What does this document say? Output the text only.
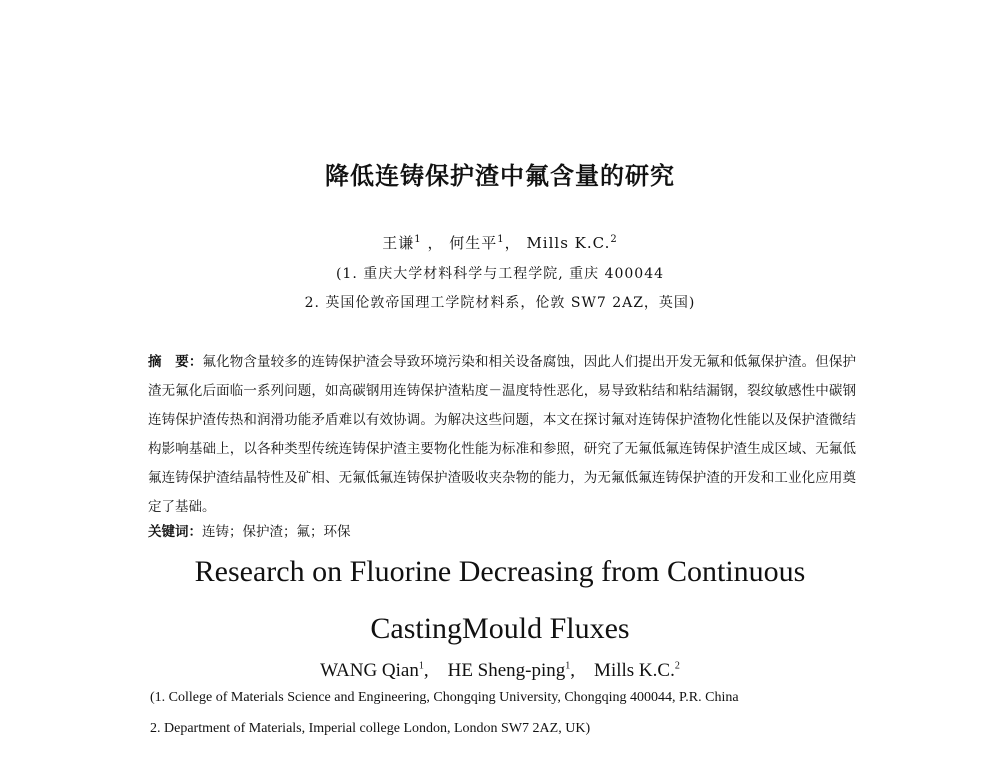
降低连铸保护渣中氟含量的研究
王谦$^1$ ， 何生平$^1$， Mills K.C.$^2$
(1. 重庆大学材料科学与工程学院, 重庆 400044
2. 英国伦敦帝国理工学院材料系，伦敦 SW7 2AZ，英国)
摘　要：氟化物含量较多的连铸保护渣会导致环境污染和相关设备腐蚀，因此人们提出开发无氟和低氟保护渣。但保护渣无氟化后面临一系列问题，如高碳钢用连铸保护渣粘度－温度特性恶化，易导致粘结和粘结漏钢，裂纹敏感性中碳钢连铸保护渣传热和润滑功能矛盾难以有效协调。为解决这些问题，本文在探讨氟对连铸保护渣物化性能以及保护渣微结构影响基础上，以各种类型传统连铸保护渣主要物化性能为标准和参照，研究了无氟低氟连铸保护渣生成区域、无氟低氟连铸保护渣结晶特性及矿相、无氟低氟连铸保护渣吸收夹杂物的能力，为无氟低氟连铸保护渣的开发和工业化应用奠定了基础。
关键词：连铸；保护渣；氟；环保
Research on Fluorine Decreasing from Continuous
CastingMould Fluxes
WANG Qian$^1$, HE Sheng-ping$^1$, Mills K.C.$^2$
(1. College of Materials Science and Engineering, Chongqing University, Chongqing 400044, P.R. China
2. Department of Materials, Imperial college London, London SW7 2AZ, UK)
